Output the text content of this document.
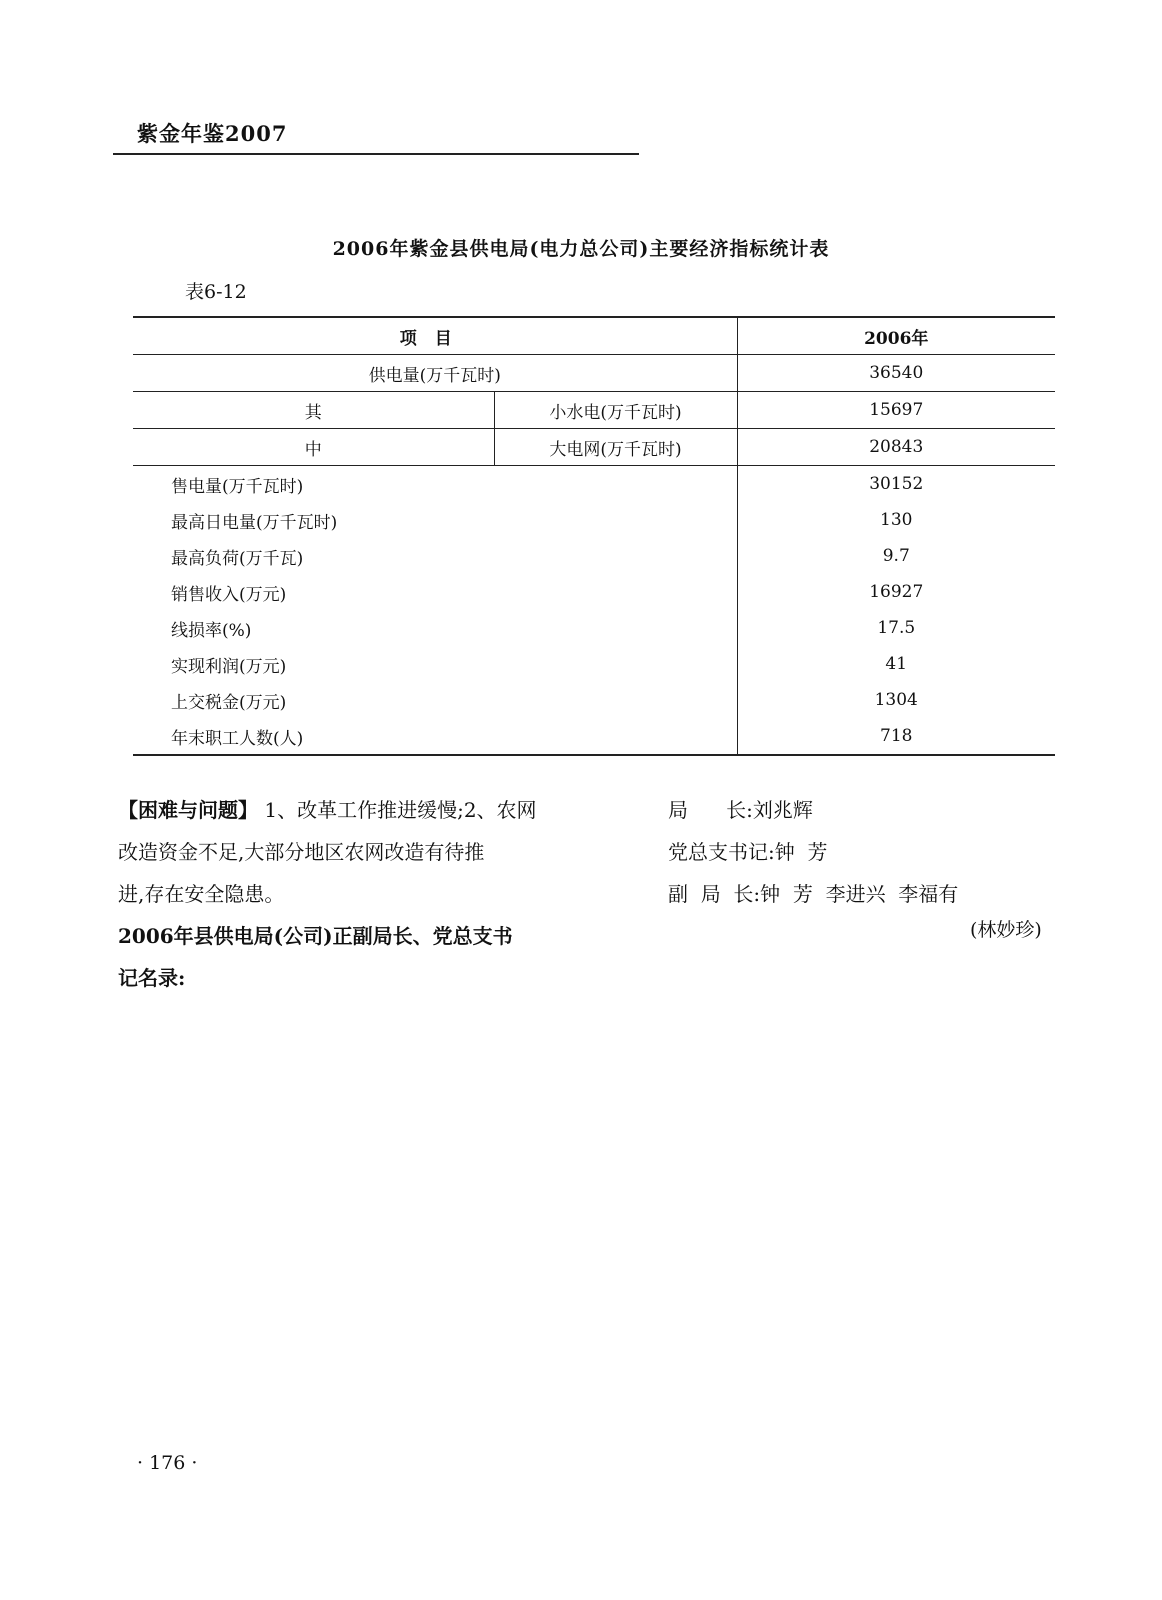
紫金年鉴2007
2006年紫金县供电局(电力总公司)主要经济指标统计表
表6-12
项目		2006年
供电量(万千瓦时)		36540
其	小水电(万千瓦时)	15697
中	大电网(万千瓦时)	20843
售电量(万千瓦时)		30152
最高日电量(万千瓦时)		130
最高负荷(万千瓦)		9.7
销售收入(万元)		16927
线损率(%)		17.5
实现利润(万元)		41
上交税金(万元)		1304
年末职工人数(人)		718
【困难与问题】 1、改革工作推进缓慢;2、农网
改造资金不足,大部分地区农网改造有待推
进,存在安全隐患。
2006年县供电局(公司)正副局长、党总支书
记名录:
局      长:刘兆辉
党总支书记:钟  芳
副  局  长:钟  芳  李进兴  李福有
(林妙珍)
· 176 ·
